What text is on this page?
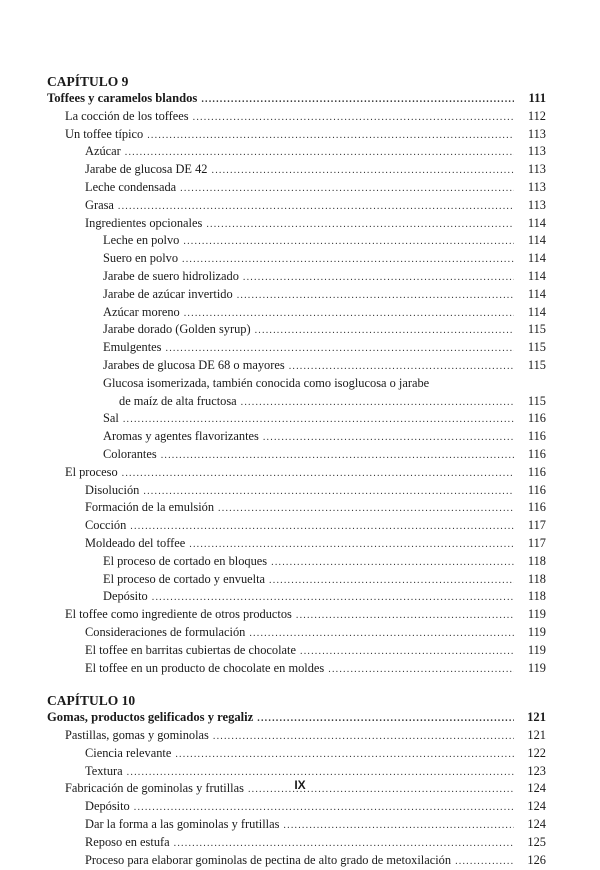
CAPÍTULO 9
Toffees y caramelos blandos .....	111
La cocción de los toffees .....	112
Un toffee típico .....	113
Azúcar .....	113
Jarabe de glucosa DE 42 .....	113
Leche condensada .....	113
Grasa .....	113
Ingredientes opcionales .....	114
Leche en polvo .....	114
Suero en polvo .....	114
Jarabe de suero hidrolizado .....	114
Jarabe de azúcar invertido .....	114
Azúcar moreno .....	114
Jarabe dorado (Golden syrup) .....	115
Emulgentes .....	115
Jarabes de glucosa DE 68 o mayores .....	115
Glucosa isomerizada, también conocida como isoglucosa o jarabe
de maíz de alta fructosa .....	115
Sal .....	116
Aromas y agentes flavorizantes .....	116
Colorantes .....	116
El proceso .....	116
Disolución .....	116
Formación de la emulsión .....	116
Cocción .....	117
Moldeado del toffee .....	117
El proceso de cortado en bloques .....	118
El proceso de cortado y envuelta .....	118
Depósito .....	118
El toffee como ingrediente de otros productos .....	119
Consideraciones de formulación .....	119
El toffee en barritas cubiertas de chocolate .....	119
El toffee en un producto de chocolate en moldes .....	119
CAPÍTULO 10
Gomas, productos gelificados y regaliz .....	121
Pastillas, gomas y gominolas .....	121
Ciencia relevante .....	122
Textura .....	123
Fabricación de gominolas y frutillas .....	124
Depósito .....	124
Dar la forma a las gominolas y frutillas .....	124
Reposo en estufa .....	125
Proceso para elaborar gominolas de pectina de alto grado de metoxilación .....	126
IX
